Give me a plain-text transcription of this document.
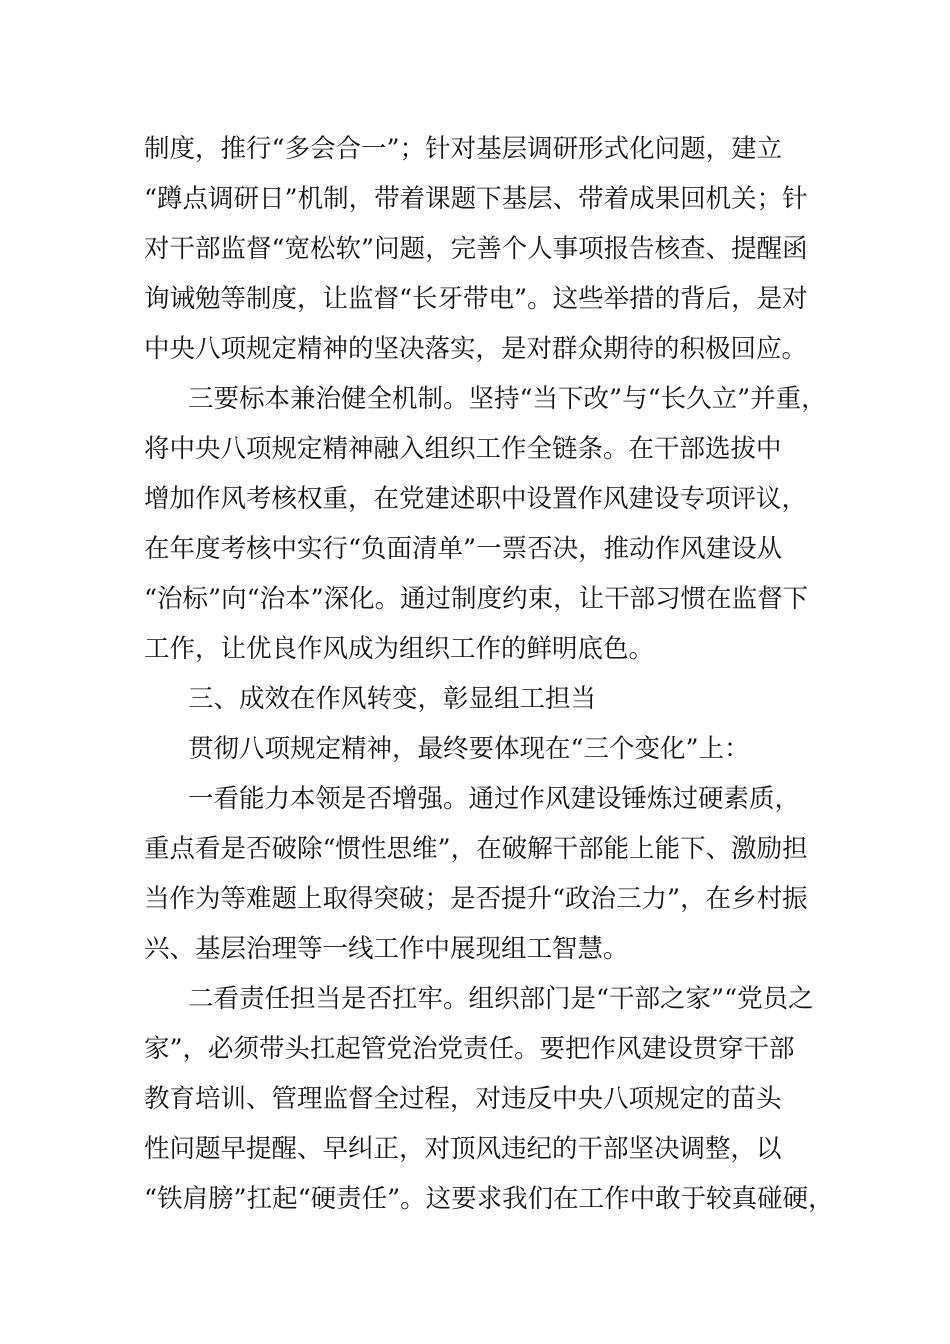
制度，推行“多会合一”；针对基层调研形式化问题，建立
“蹲点调研日”机制，带着课题下基层、带着成果回机关；针
对干部监督“宽松软”问题，完善个人事项报告核查、提醒函
询诫勉等制度，让监督“长牙带电”。这些举措的背后，是对
中央八项规定精神的坚决落实，是对群众期待的积极回应。
三要标本兼治健全机制。坚持“当下改”与“长久立”并重，
将中央八项规定精神融入组织工作全链条。在干部选拔中
增加作风考核权重，在党建述职中设置作风建设专项评议，
在年度考核中实行“负面清单”一票否决，推动作风建设从
“治标”向“治本”深化。通过制度约束，让干部习惯在监督下
工作，让优良作风成为组织工作的鲜明底色。
三、成效在作风转变，彰显组工担当
贯彻八项规定精神，最终要体现在“三个变化”上：
一看能力本领是否增强。通过作风建设锤炼过硬素质，
重点看是否破除“惯性思维”，在破解干部能上能下、激励担
当作为等难题上取得突破；是否提升“政治三力”，在乡村振
兴、基层治理等一线工作中展现组工智慧。
二看责任担当是否扛牢。组织部门是“干部之家”“党员之
家”，必须带头扛起管党治党责任。要把作风建设贯穿干部
教育培训、管理监督全过程，对违反中央八项规定的苗头
性问题早提醒、早纠正，对顶风违纪的干部坚决调整，以
“铁肩膀”扛起“硬责任”。这要求我们在工作中敢于较真碰硬，
